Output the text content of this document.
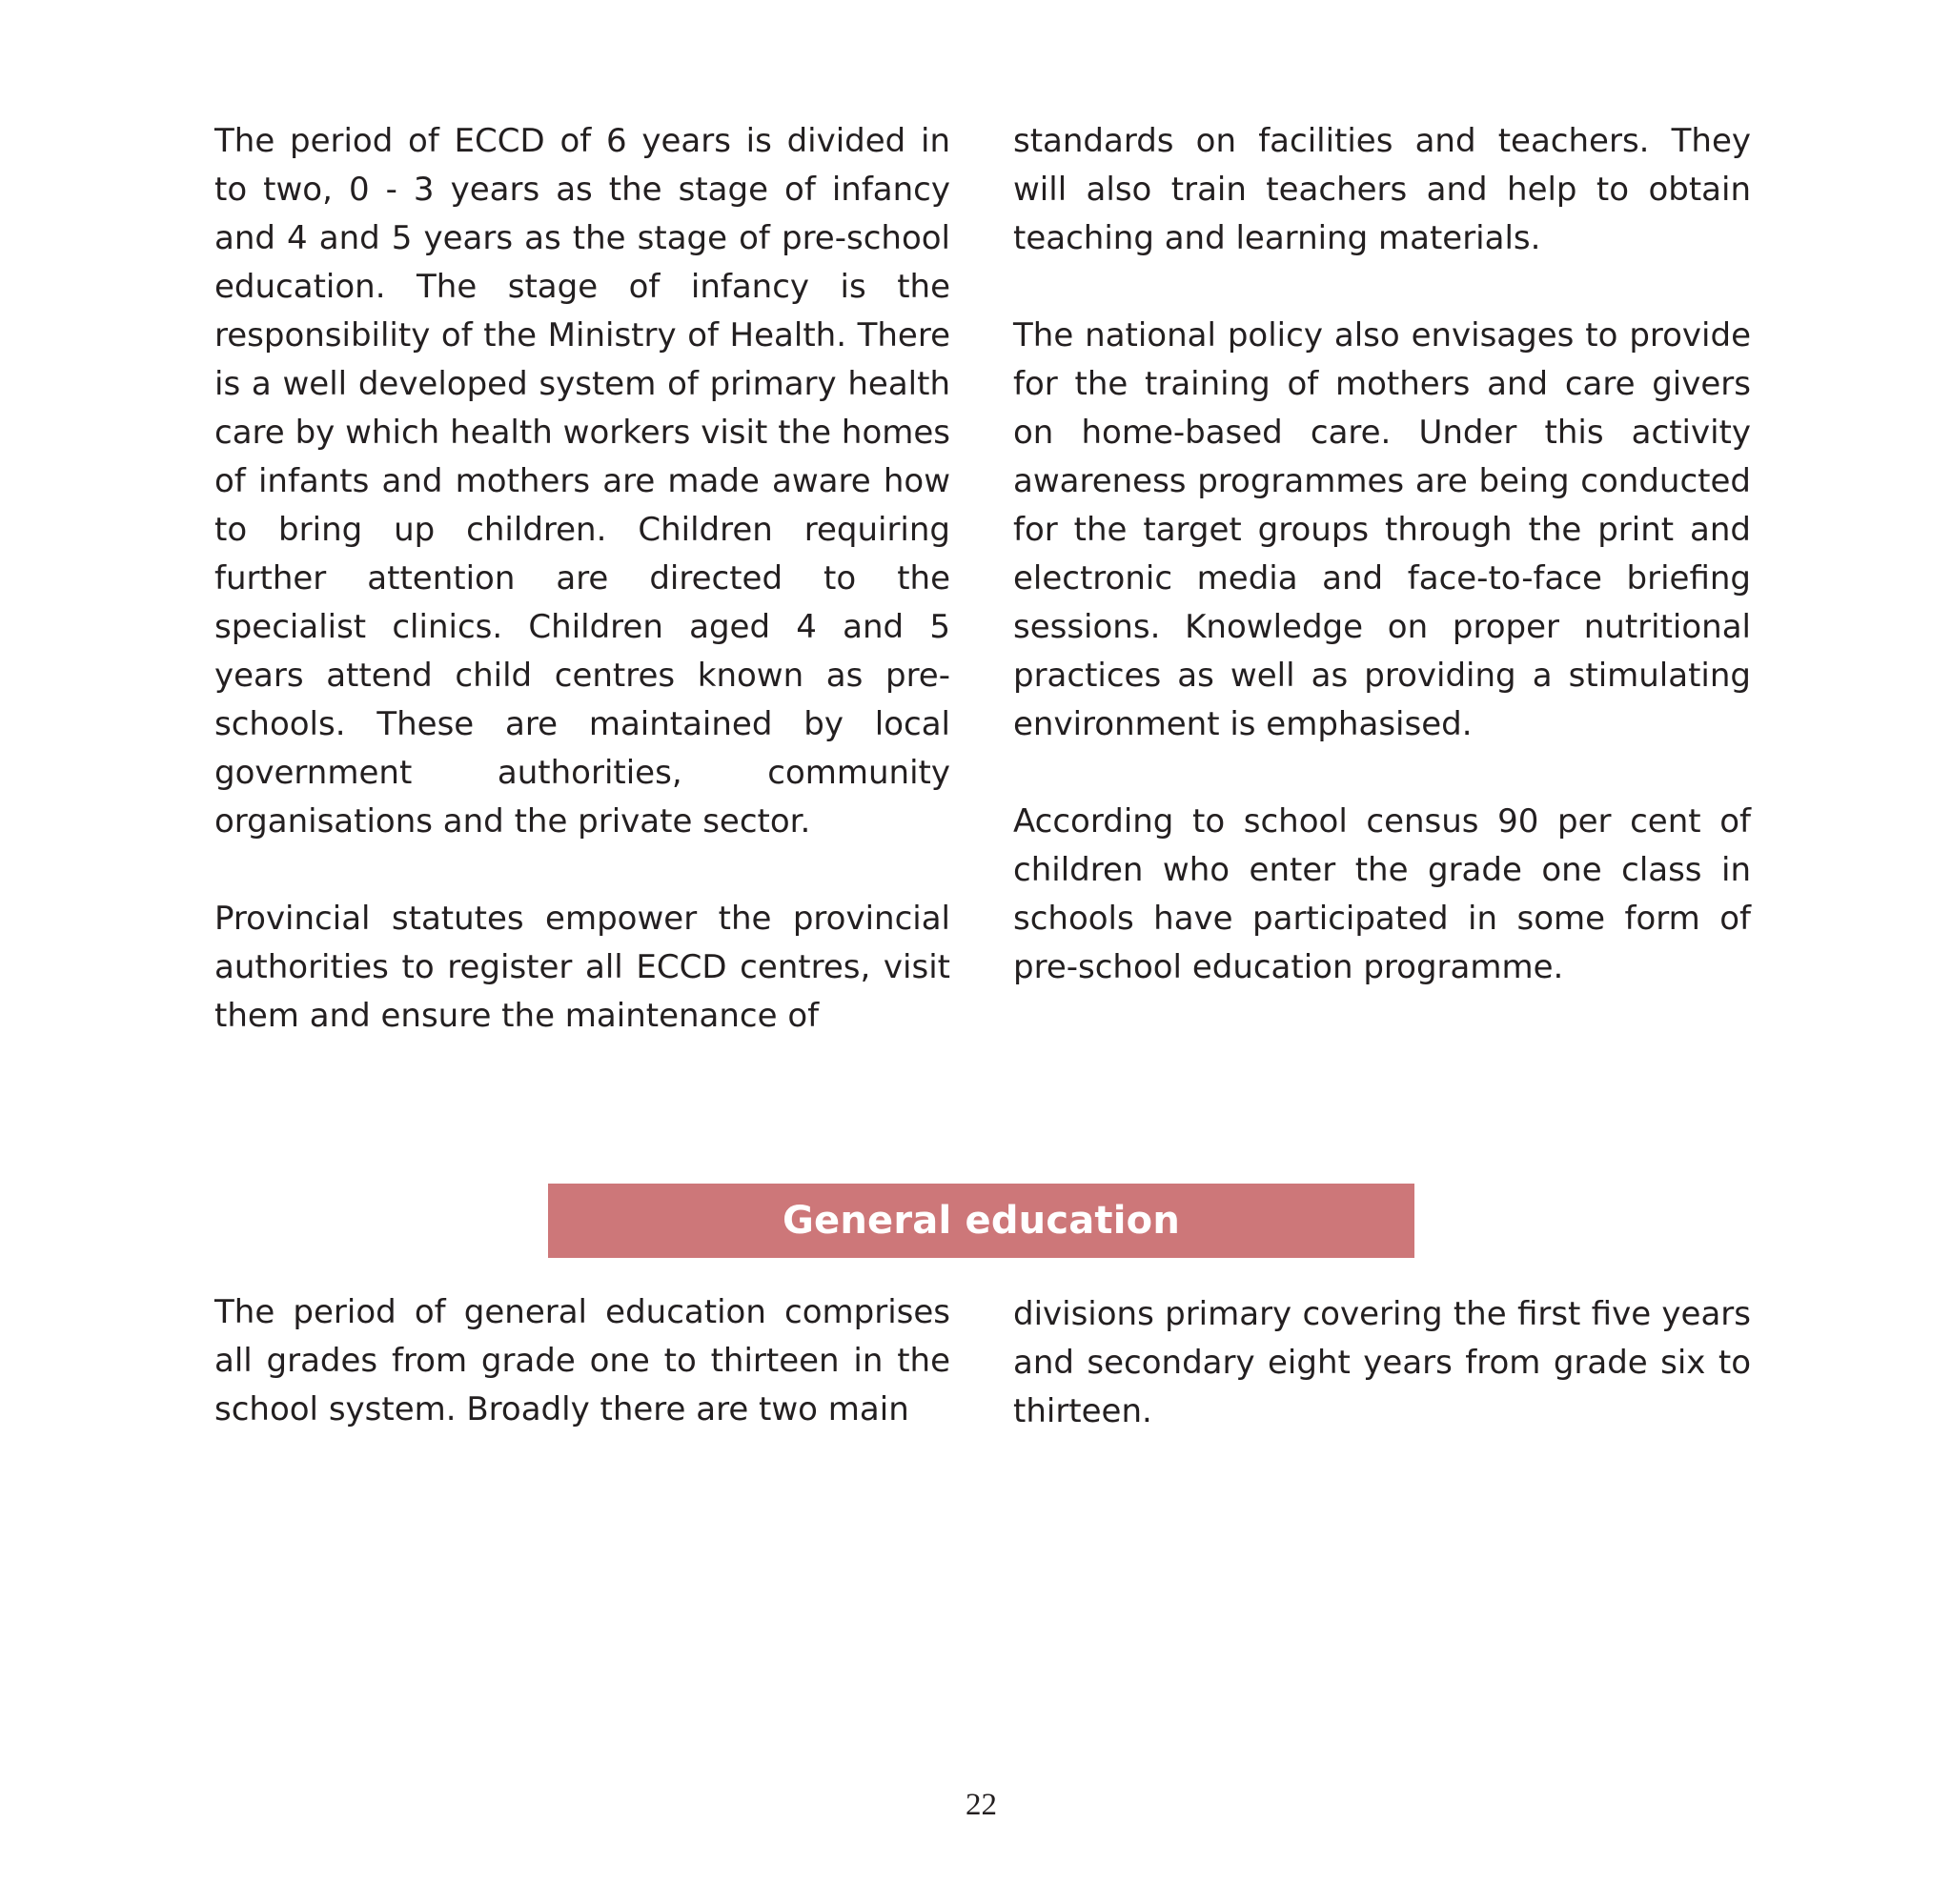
The period of ECCD of 6 years is divided in to two, 0 - 3 years as the stage of infancy and 4 and 5 years as the stage of pre-school education. The stage of infancy is the responsibility of the Ministry of Health. There is a well developed system of primary health care by which health workers visit the homes of infants and mothers are made aware how to bring up children. Children requiring further attention are directed to the specialist clinics. Children aged 4 and 5 years attend child centres known as pre-schools. These are maintained by local government authorities, community organisations and the private sector.

Provincial statutes empower the provincial authorities to register all ECCD centres, visit them and ensure the maintenance of

standards on facilities and teachers. They will also train teachers and help to obtain teaching and learning materials.

The national policy also envisages to provide for the training of mothers and care givers on home-based care. Under this activity awareness programmes are being conducted for the target groups through the print and electronic media and face-to-face briefing sessions. Knowledge on proper nutritional practices as well as providing a stimulating environment is emphasised.

According to school census 90 per cent of children who enter the grade one class in schools have participated in some form of pre-school education programme.

General education

The period of general education comprises all grades from grade one to thirteen in the school system. Broadly there are two main

divisions primary covering the first five years and secondary eight years from grade six to thirteen.

22
